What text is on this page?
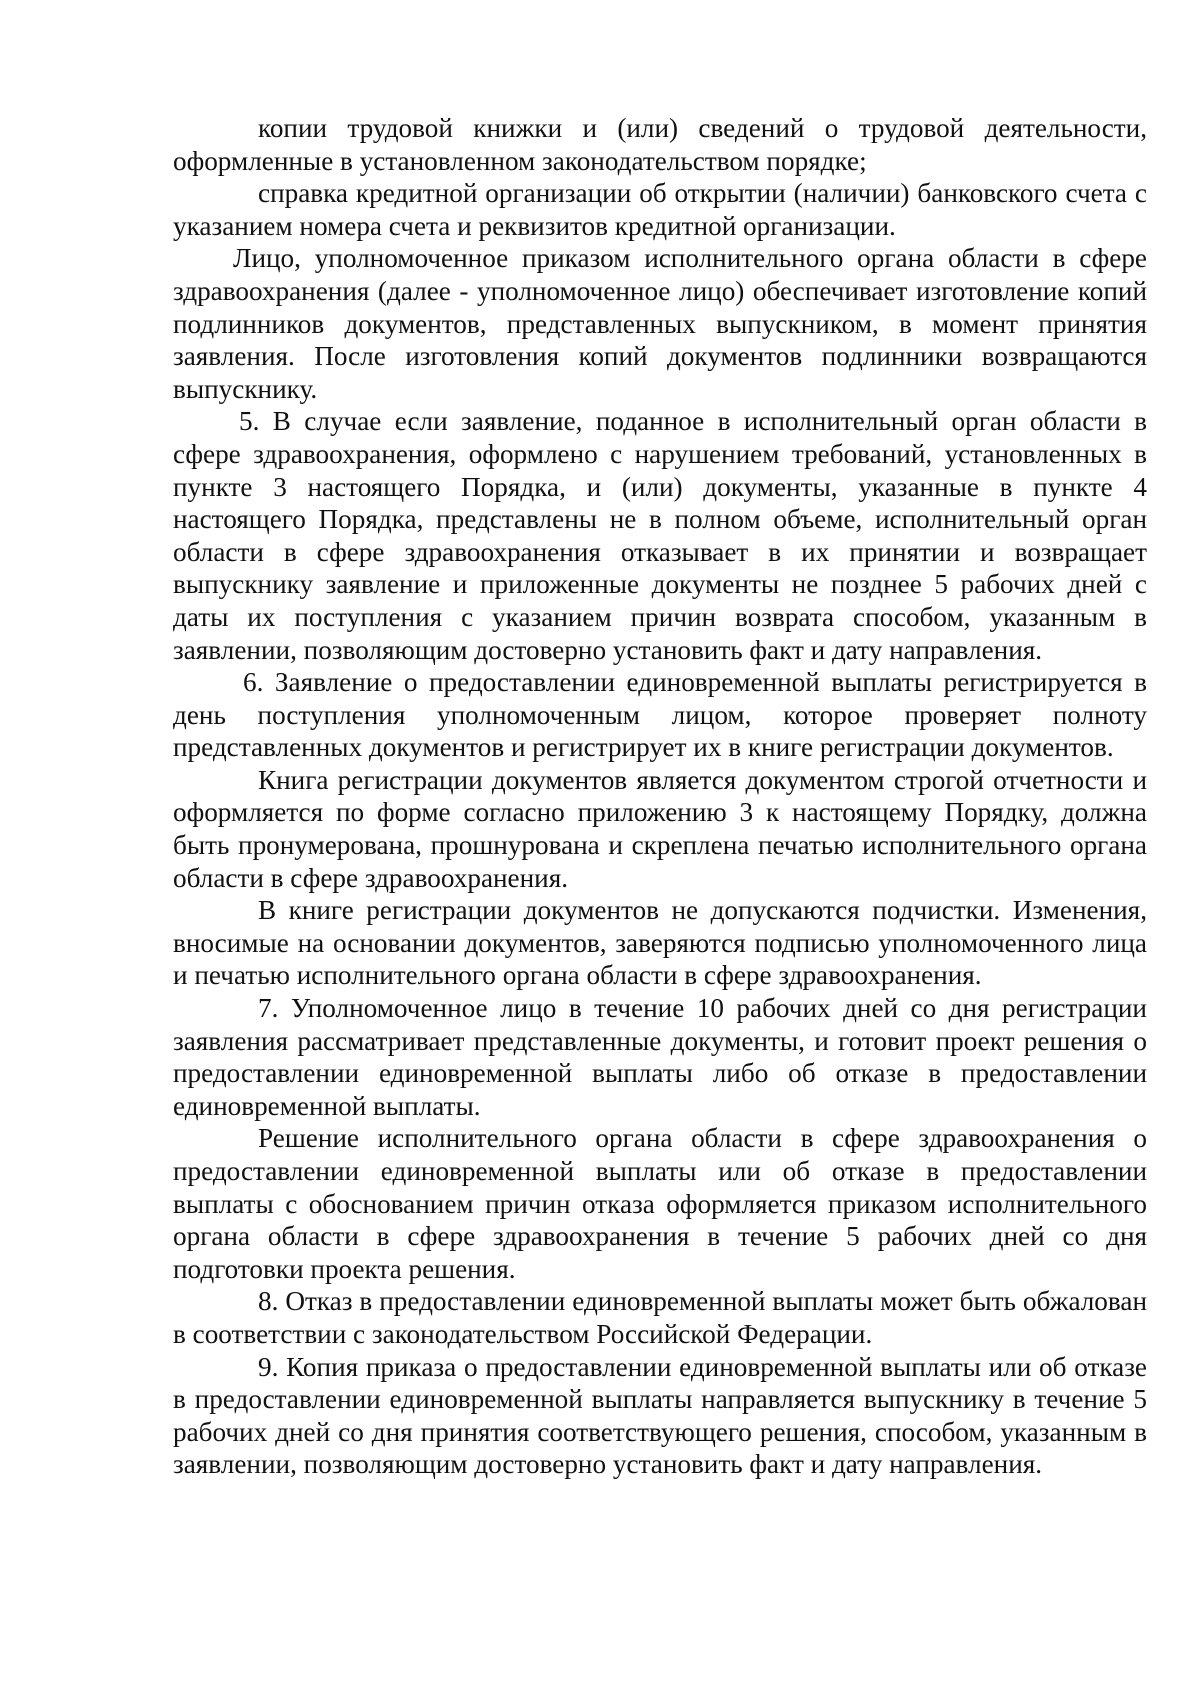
копии трудовой книжки и (или) сведений о трудовой деятельности, оформленные в установленном законодательством порядке;

справка кредитной организации об открытии (наличии) банковского счета с указанием номера счета и реквизитов кредитной организации.

Лицо, уполномоченное приказом исполнительного органа области в сфере здравоохранения (далее - уполномоченное лицо) обеспечивает изготовление копий подлинников документов, представленных выпускником, в момент принятия заявления. После изготовления копий документов подлинники возвращаются выпускнику.

5. В случае если заявление, поданное в исполнительный орган области в сфере здравоохранения, оформлено с нарушением требований, установленных в пункте 3 настоящего Порядка, и (или) документы, указанные в пункте 4 настоящего Порядка, представлены не в полном объеме, исполнительный орган области в сфере здравоохранения отказывает в их принятии и возвращает выпускнику заявление и приложенные документы не позднее 5 рабочих дней с даты их поступления с указанием причин возврата способом, указанным в заявлении, позволяющим достоверно установить факт и дату направления.

6. Заявление о предоставлении единовременной выплаты регистрируется в день поступления уполномоченным лицом, которое проверяет полноту представленных документов и регистрирует их в книге регистрации документов.

Книга регистрации документов является документом строгой отчетности и оформляется по форме согласно приложению 3 к настоящему Порядку, должна быть пронумерована, прошнурована и скреплена печатью исполнительного органа области в сфере здравоохранения.

В книге регистрации документов не допускаются подчистки. Изменения, вносимые на основании документов, заверяются подписью уполномоченного лица и печатью исполнительного органа области в сфере здравоохранения.

7. Уполномоченное лицо в течение 10 рабочих дней со дня регистрации заявления рассматривает представленные документы, и готовит проект решения о предоставлении единовременной выплаты либо об отказе в предоставлении единовременной выплаты.

Решение исполнительного органа области в сфере здравоохранения о предоставлении единовременной выплаты или об отказе в предоставлении выплаты с обоснованием причин отказа оформляется приказом исполнительного органа области в сфере здравоохранения в течение 5 рабочих дней со дня подготовки проекта решения.

8. Отказ в предоставлении единовременной выплаты может быть обжалован в соответствии с законодательством Российской Федерации.

9. Копия приказа о предоставлении единовременной выплаты или об отказе в предоставлении единовременной выплаты направляется выпускнику в течение 5 рабочих дней со дня принятия соответствующего решения, способом, указанным в заявлении, позволяющим достоверно установить факт и дату направления.
